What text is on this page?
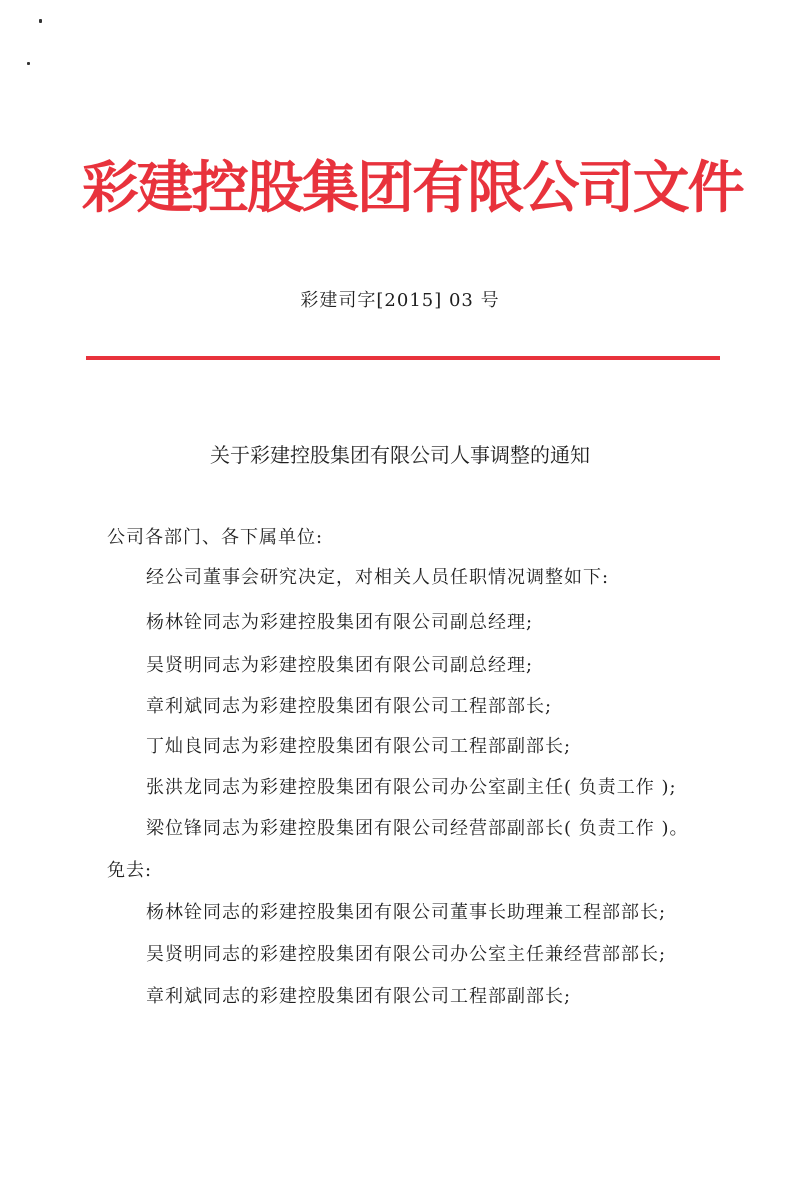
彩建控股集团有限公司文件
彩建司字[2015] 03 号
关于彩建控股集团有限公司人事调整的通知
公司各部门、各下属单位:
经公司董事会研究决定，对相关人员任职情况调整如下:
杨林铨同志为彩建控股集团有限公司副总经理;
吴贤明同志为彩建控股集团有限公司副总经理;
章利斌同志为彩建控股集团有限公司工程部部长;
丁灿良同志为彩建控股集团有限公司工程部副部长;
张洪龙同志为彩建控股集团有限公司办公室副主任( 负责工作 );
梁位锋同志为彩建控股集团有限公司经营部副部长( 负责工作 )。
免去:
杨林铨同志的彩建控股集团有限公司董事长助理兼工程部部长;
吴贤明同志的彩建控股集团有限公司办公室主任兼经营部部长;
章利斌同志的彩建控股集团有限公司工程部副部长;
